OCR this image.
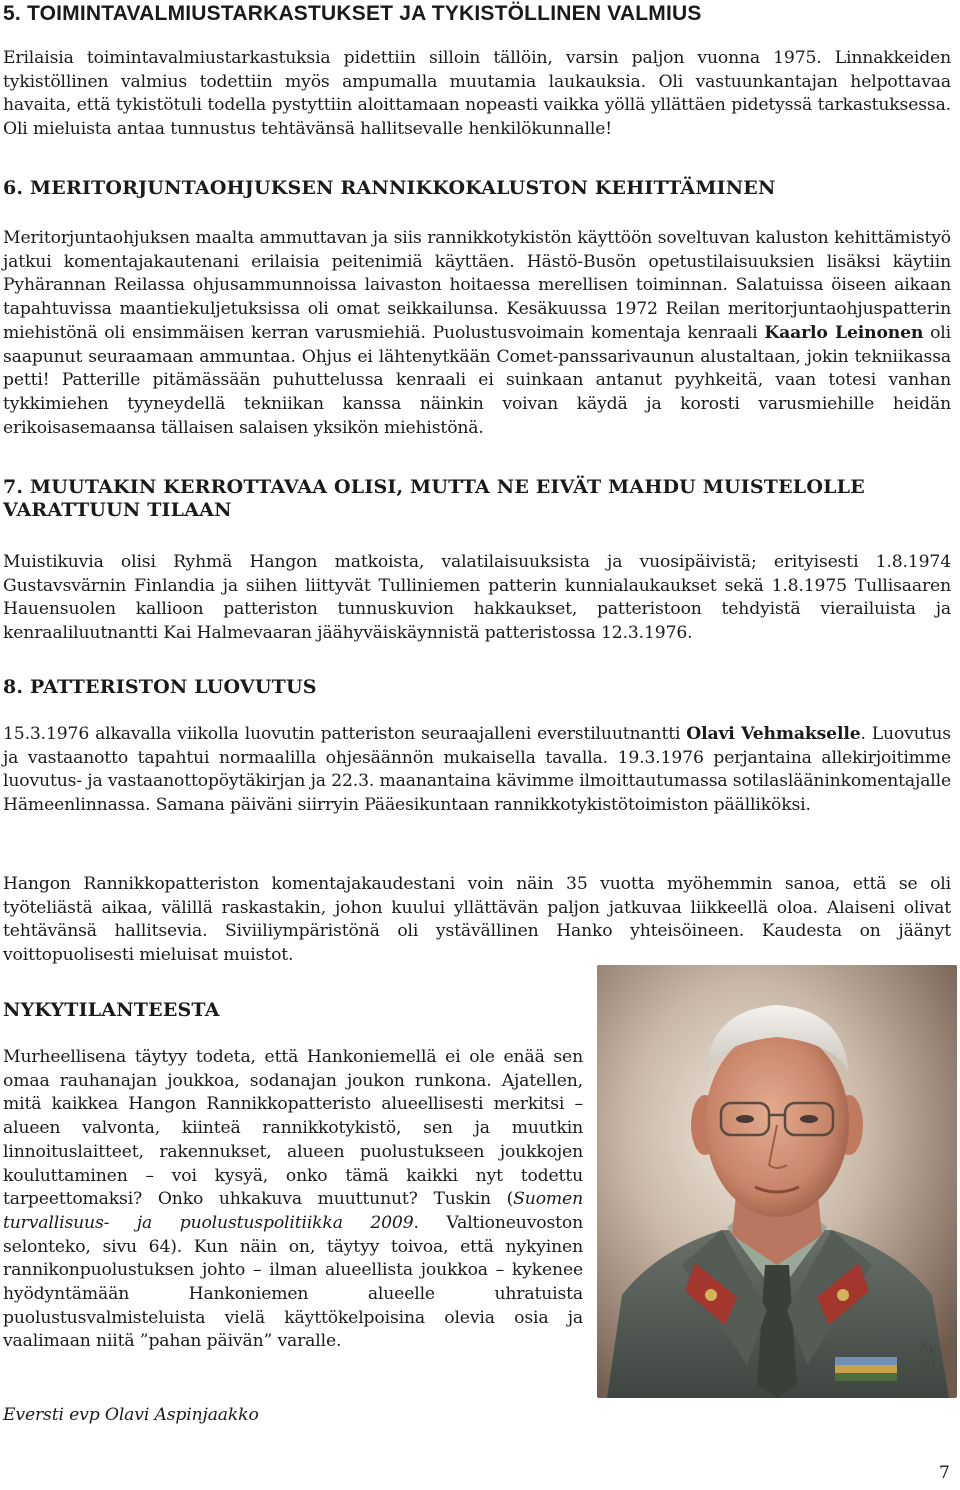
5. TOIMINTAVALMIUSTARKASTUKSET JA TYKISTÖLLINEN VALMIUS

Erilaisia toimintavalmiustarkastuksia pidettiin silloin tällöin, varsin paljon vuonna 1975. Linnakkeiden tykistöllinen valmius todettiin myös ampumalla muutamia laukauksia. Oli vastuunkantajan helpottavaa havaita, että tykistötuli todella pystyttiin aloittamaan nopeasti vaikka yöllä yllättäen pidetyssä tarkastuksessa. Oli mieluista antaa tunnustus tehtävänsä hallitsevalle henkilökunnalle!

6. MERITORJUNTAOHJUKSEN RANNIKKOKALUSTON KEHITTÄMINEN

Meritorjuntaohjuksen maalta ammuttavan ja siis rannikkotykistön käyttöön soveltuvan kaluston kehittämistyö jatkui komentajakautenani erilaisia peitenimiä käyttäen. Hästö-Busön opetustilaisuuksien lisäksi käytiin Pyhärannan Reilassa ohjusammunnoissa laivaston hoitaessa merellisen toiminnan. Salatuissa öiseen aikaan tapahtuvissa maantiekuljetuksissa oli omat seikkailunsa. Kesäkuussa 1972 Reilan meritorjuntaohjuspatterin miehistönä oli ensimmäisen kerran varusmiehiä. Puolustusvoimain komentaja kenraali Kaarlo Leinonen oli saapunut seuraamaan ammuntaa. Ohjus ei lähtenytkään Comet-panssarivaunun alustaltaan, jokin tekniikassa petti! Patterille pitämässään puhuttelussa kenraali ei suinkaan antanut pyyhkeitä, vaan totesi vanhan tykkimiehen tyyneydellä tekniikan kanssa näinkin voivan käydä ja korosti varusmiehille heidän erikoisasemaansa tällaisen salaisen yksikön miehistönä.

7. MUUTAKIN KERROTTAVAA OLISI, MUTTA NE EIVÄT MAHDU MUISTELOLLE
VARATTUUN TILAAN

Muistikuvia olisi Ryhmä Hangon matkoista, valatilaisuuksista ja vuosipäivistä; erityisesti 1.8.1974 Gustavsvärnin Finlandia ja siihen liittyvät Tulliniemen patterin kunnialaukaukset sekä 1.8.1975 Tullisaaren Hauensuolen kallioon patteriston tunnuskuvion hakkaukset, patteristoon tehdyistä vierailuista ja kenraaliluutnantti Kai Halmevaaran jäähyväiskäynnistä patteristossa 12.3.1976.

8. PATTERISTON LUOVUTUS

15.3.1976 alkavalla viikolla luovutin patteriston seuraajalleni everstiluutnantti Olavi Vehmakselle. Luovutus ja vastaanotto tapahtui normaalilla ohjesäännön mukaisella tavalla. 19.3.1976 perjantaina allekirjoitimme luovutus- ja vastaanottopöytäkirjan ja 22.3. maanantaina kävimme ilmoittautumassa sotilaslääninkomentajalle Hämeenlinnassa. Samana päiväni siirryin Pääesikuntaan rannikkotykistötoimiston päälliköksi.

Hangon Rannikkopatteriston komentajakaudestani voin näin 35 vuotta myöhemmin sanoa, että se oli työteliästä aikaa, välillä raskastakin, johon kuului yllättävän paljon jatkuvaa liikkeellä oloa. Alaiseni olivat tehtävänsä hallitsevia. Siviiliympäristönä oli ystävällinen Hanko yhteisöineen. Kaudesta on jäänyt voittopuolisesti mieluisat muistot.

NYKYTILANTEESTA

Murheellisena täytyy todeta, että Hankoniemellä ei ole enää sen omaa rauhanajan joukkoa, sodanajan joukon runkona. Ajatellen, mitä kaikkea Hangon Rannikkopatteristo alueellisesti merkitsi – alueen valvonta, kiinteä rannikkotykistö, sen ja muutkin linnoituslaitteet, rakennukset, alueen puolustukseen joukkojen kouluttaminen – voi kysyä, onko tämä kaikki nyt todettu tarpeettomaksi? Onko uhkakuva muuttunut? Tuskin (Suomen turvallisuus- ja puolustuspolitiikka 2009. Valtioneuvoston selonteko, sivu 64). Kun näin on, täytyy toivoa, että nykyinen rannikonpuolustuksen johto – ilman alueellista joukkoa – kykenee hyödyntämään Hankoniemen alueelle uhratuista puolustusvalmisteluista vielä käyttökelpoisina olevia osia ja vaalimaan niitä ”pahan päivän” varalle.

Eversti evp Olavi Aspinjaakko

Ay
-01
7
